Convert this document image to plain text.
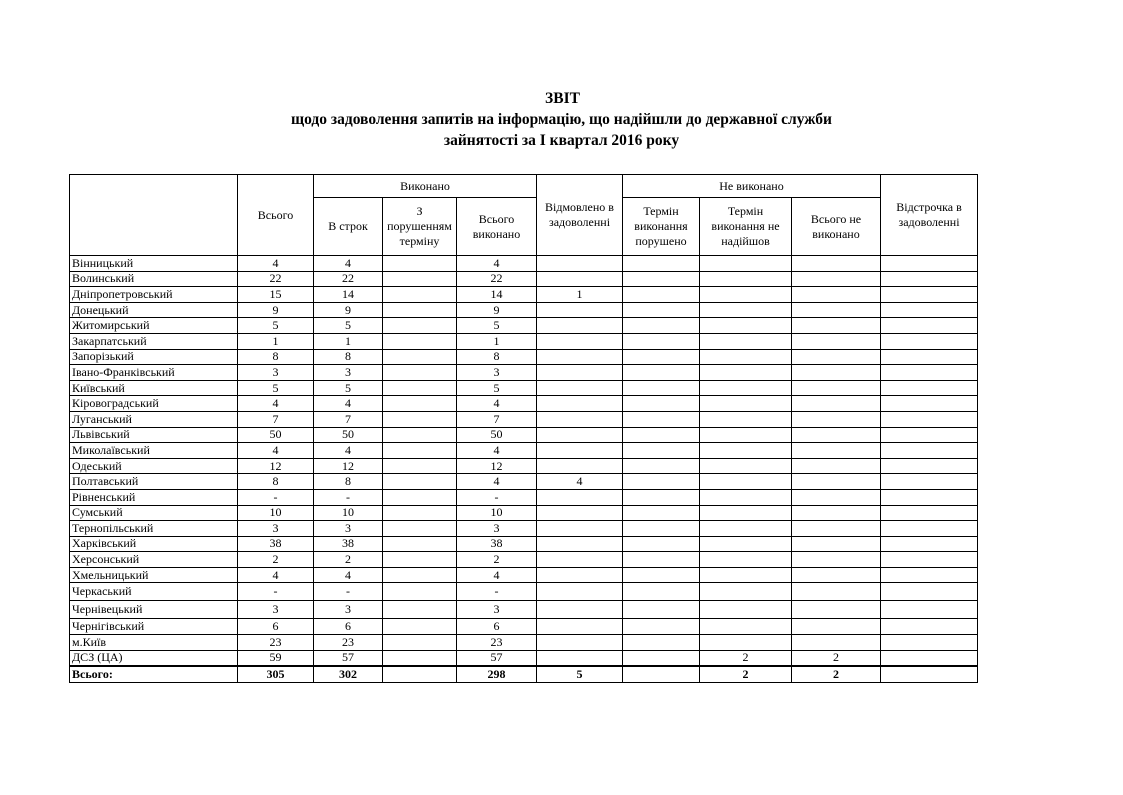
ЗВІТ
щодо задоволення запитів на інформацію, що надійшли до державної служби
зайнятості за І квартал 2016 року
	Всього	Виконано			Відмовлено в задоволенні	Не виконано			Відстрочка в задоволенні
		В строк	З порушенням терміну	Всього виконано		Термін виконання порушено	Термін виконання не надійшов	Всього не виконано	
Вінницький	4	4		4					
Волинський	22	22		22					
Дніпропетровський	15	14		14	1				
Донецький	9	9		9					
Житомирський	5	5		5					
Закарпатський	1	1		1					
Запорізький	8	8		8					
Івано-Франківський	3	3		3					
Київський	5	5		5					
Кіровоградський	4	4		4					
Луганський	7	7		7					
Львівський	50	50		50					
Миколаївський	4	4		4					
Одеський	12	12		12					
Полтавський	8	8		4	4				
Рівненський	-	-		-					
Сумський	10	10		10					
Тернопільський	3	3		3					
Харківський	38	38		38					
Херсонський	2	2		2					
Хмельницький	4	4		4					
Черкаський	-	-		-					
Чернівецький	3	3		3					
Чернігівський	6	6		6					
м.Київ	23	23		23					
ДСЗ (ЦА)	59	57		57			2	2	
Всього:	305	302		298	5		2	2	
